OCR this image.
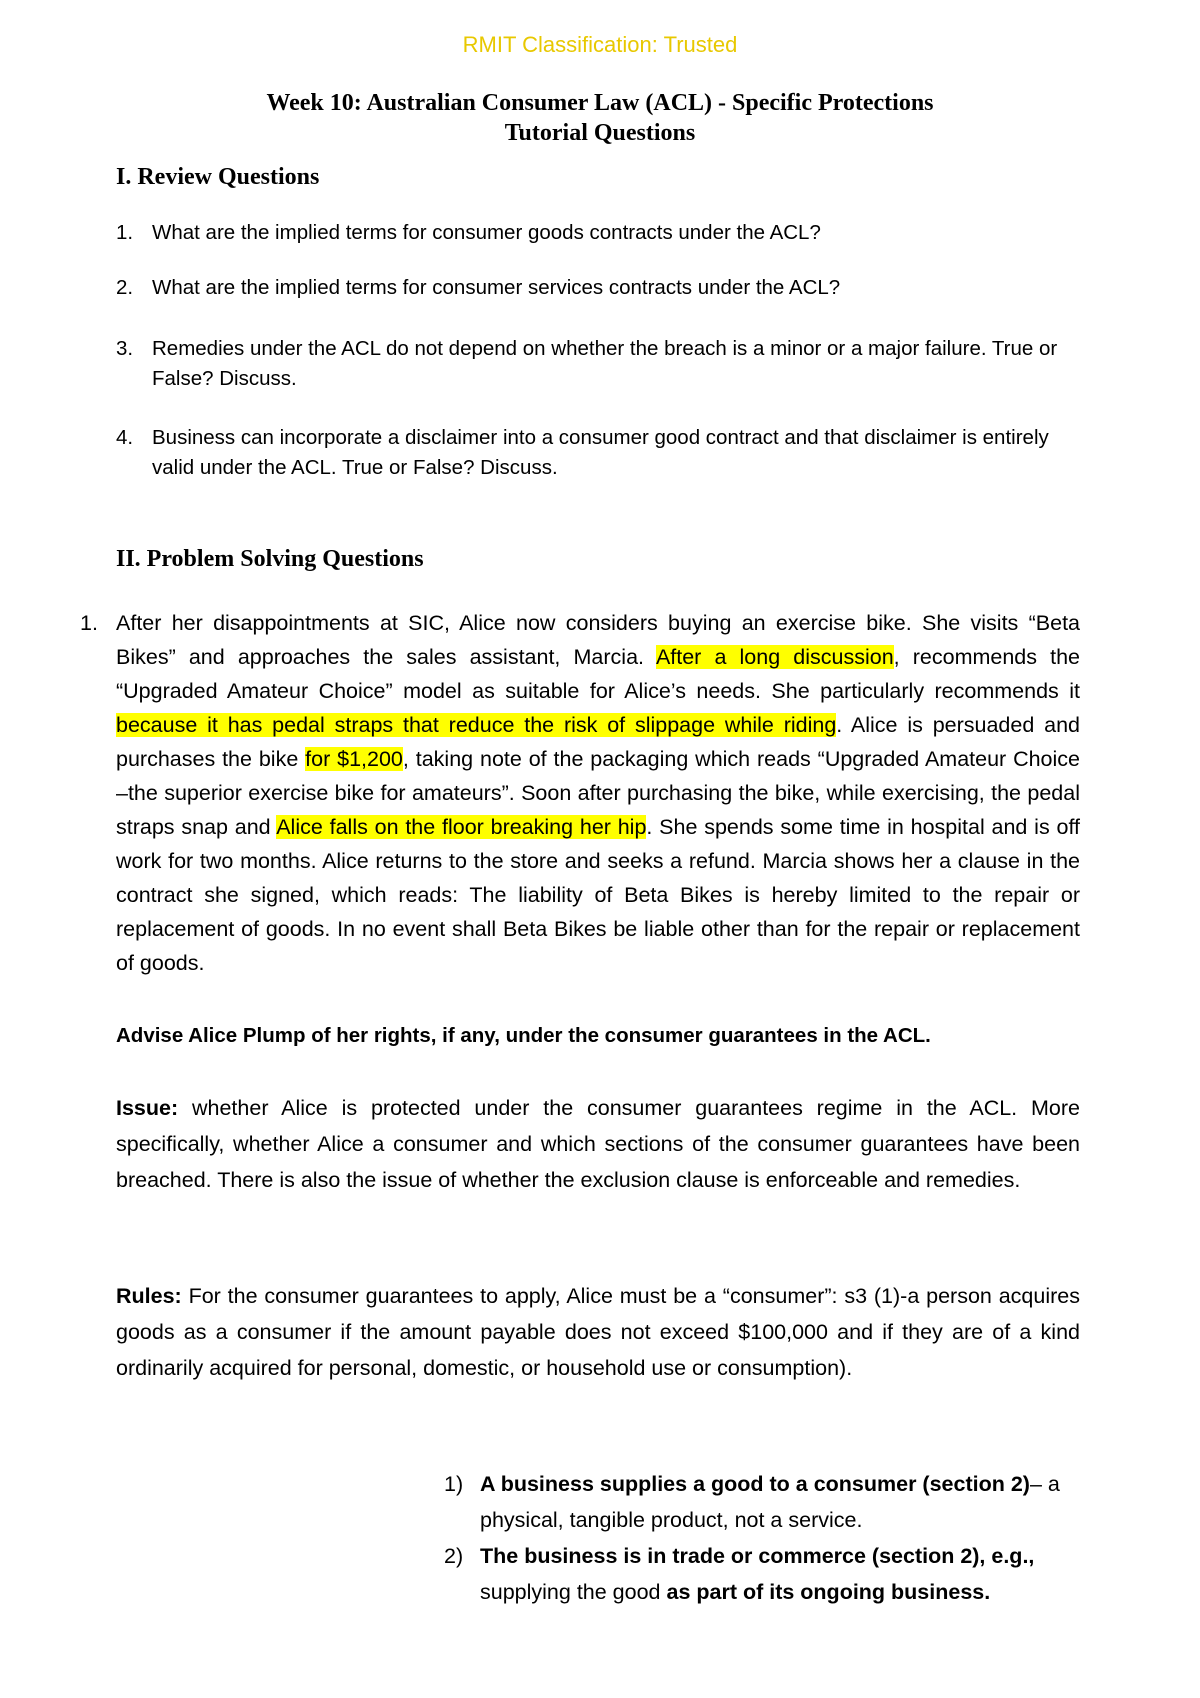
RMIT Classification: Trusted
Week 10: Australian Consumer Law (ACL) - Specific Protections
Tutorial Questions
I. Review Questions
1. What are the implied terms for consumer goods contracts under the ACL?
2. What are the implied terms for consumer services contracts under the ACL?
3. Remedies under the ACL do not depend on whether the breach is a minor or a major failure. True or False? Discuss.
4. Business can incorporate a disclaimer into a consumer good contract and that disclaimer is entirely valid under the ACL. True or False? Discuss.
II. Problem Solving Questions
1. After her disappointments at SIC, Alice now considers buying an exercise bike. She visits “Beta Bikes” and approaches the sales assistant, Marcia. After a long discussion, recommends the “Upgraded Amateur Choice” model as suitable for Alice’s needs. She particularly recommends it because it has pedal straps that reduce the risk of slippage while riding. Alice is persuaded and purchases the bike for $1,200, taking note of the packaging which reads “Upgraded Amateur Choice –the superior exercise bike for amateurs”. Soon after purchasing the bike, while exercising, the pedal straps snap and Alice falls on the floor breaking her hip. She spends some time in hospital and is off work for two months. Alice returns to the store and seeks a refund. Marcia shows her a clause in the contract she signed, which reads: The liability of Beta Bikes is hereby limited to the repair or replacement of goods. In no event shall Beta Bikes be liable other than for the repair or replacement of goods.
Advise Alice Plump of her rights, if any, under the consumer guarantees in the ACL.
Issue: whether Alice is protected under the consumer guarantees regime in the ACL. More specifically, whether Alice a consumer and which sections of the consumer guarantees have been breached. There is also the issue of whether the exclusion clause is enforceable and remedies.
Rules: For the consumer guarantees to apply, Alice must be a “consumer”: s3 (1)-a person acquires goods as a consumer if the amount payable does not exceed $100,000 and if they are of a kind ordinarily acquired for personal, domestic, or household use or consumption).
1) A business supplies a good to a consumer (section 2)– a physical, tangible product, not a service.
2) The business is in trade or commerce (section 2), e.g., supplying the good as part of its ongoing business.
